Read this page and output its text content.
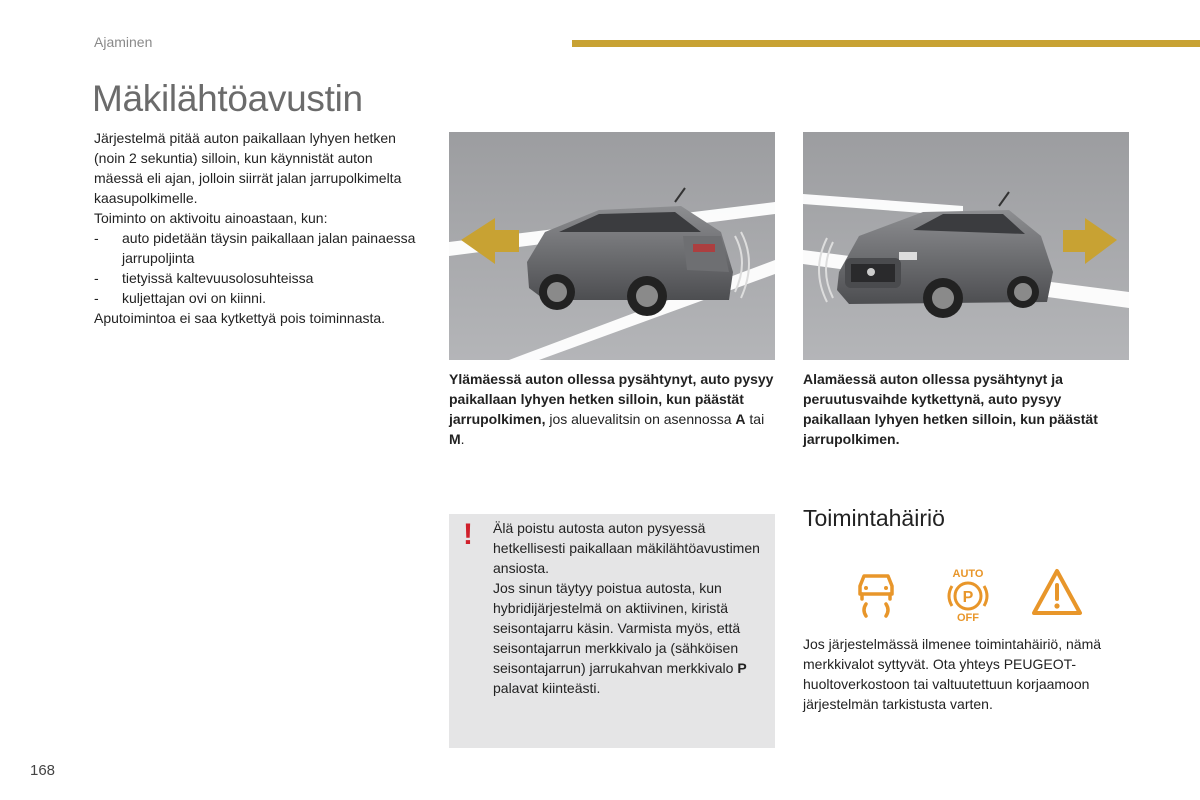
Ajaminen
Mäkilähtöavustin

Järjestelmä pitää auton paikallaan lyhyen hetken (noin 2 sekuntia) silloin, kun käynnistät auton mäessä eli ajan, jolloin siirrät jalan jarrupolkimelta kaasupolkimelle.

Toiminto on aktivoitu ainoastaan, kun:

- auto pidetään täysin paikallaan jalan painaessa jarrupoljinta
- tietyissä kaltevuusolosuhteissa
- kuljettajan ovi on kiinni.

Aputoimintoa ei saa kytkettyä pois toiminnasta.

Ylämäessä auton ollessa pysähtynyt, auto pysyy paikallaan lyhyen hetken silloin, kun päästät jarrupolkimen, jos aluevalitsin on asennossa A tai M.
Alamäessä auton ollessa pysähtynyt ja peruutusvaihde kytkettynä, auto pysyy paikallaan lyhyen hetken silloin, kun päästät jarrupolkimen.
! Älä poistu autosta auton pysyessä hetkellisesti paikallaan mäkilähtöavustimen ansiosta.

Jos sinun täytyy poistua autosta, kun hybridijärjestelmä on aktiivinen, kiristä seisontajarru käsin. Varmista myös, että seisontajarrun merkkivalo ja (sähköisen seisontajarrun) jarrukahvan merkkivalo P palavat kiinteästi.

Toimintahäiriö
AUTO
P
OFF
Jos järjestelmässä ilmenee toimintahäiriö, nämä merkkivalot syttyvät. Ota yhteys PEUGEOT-huoltoverkostoon tai valtuutettuun korjaamoon järjestelmän tarkistusta varten.
168
